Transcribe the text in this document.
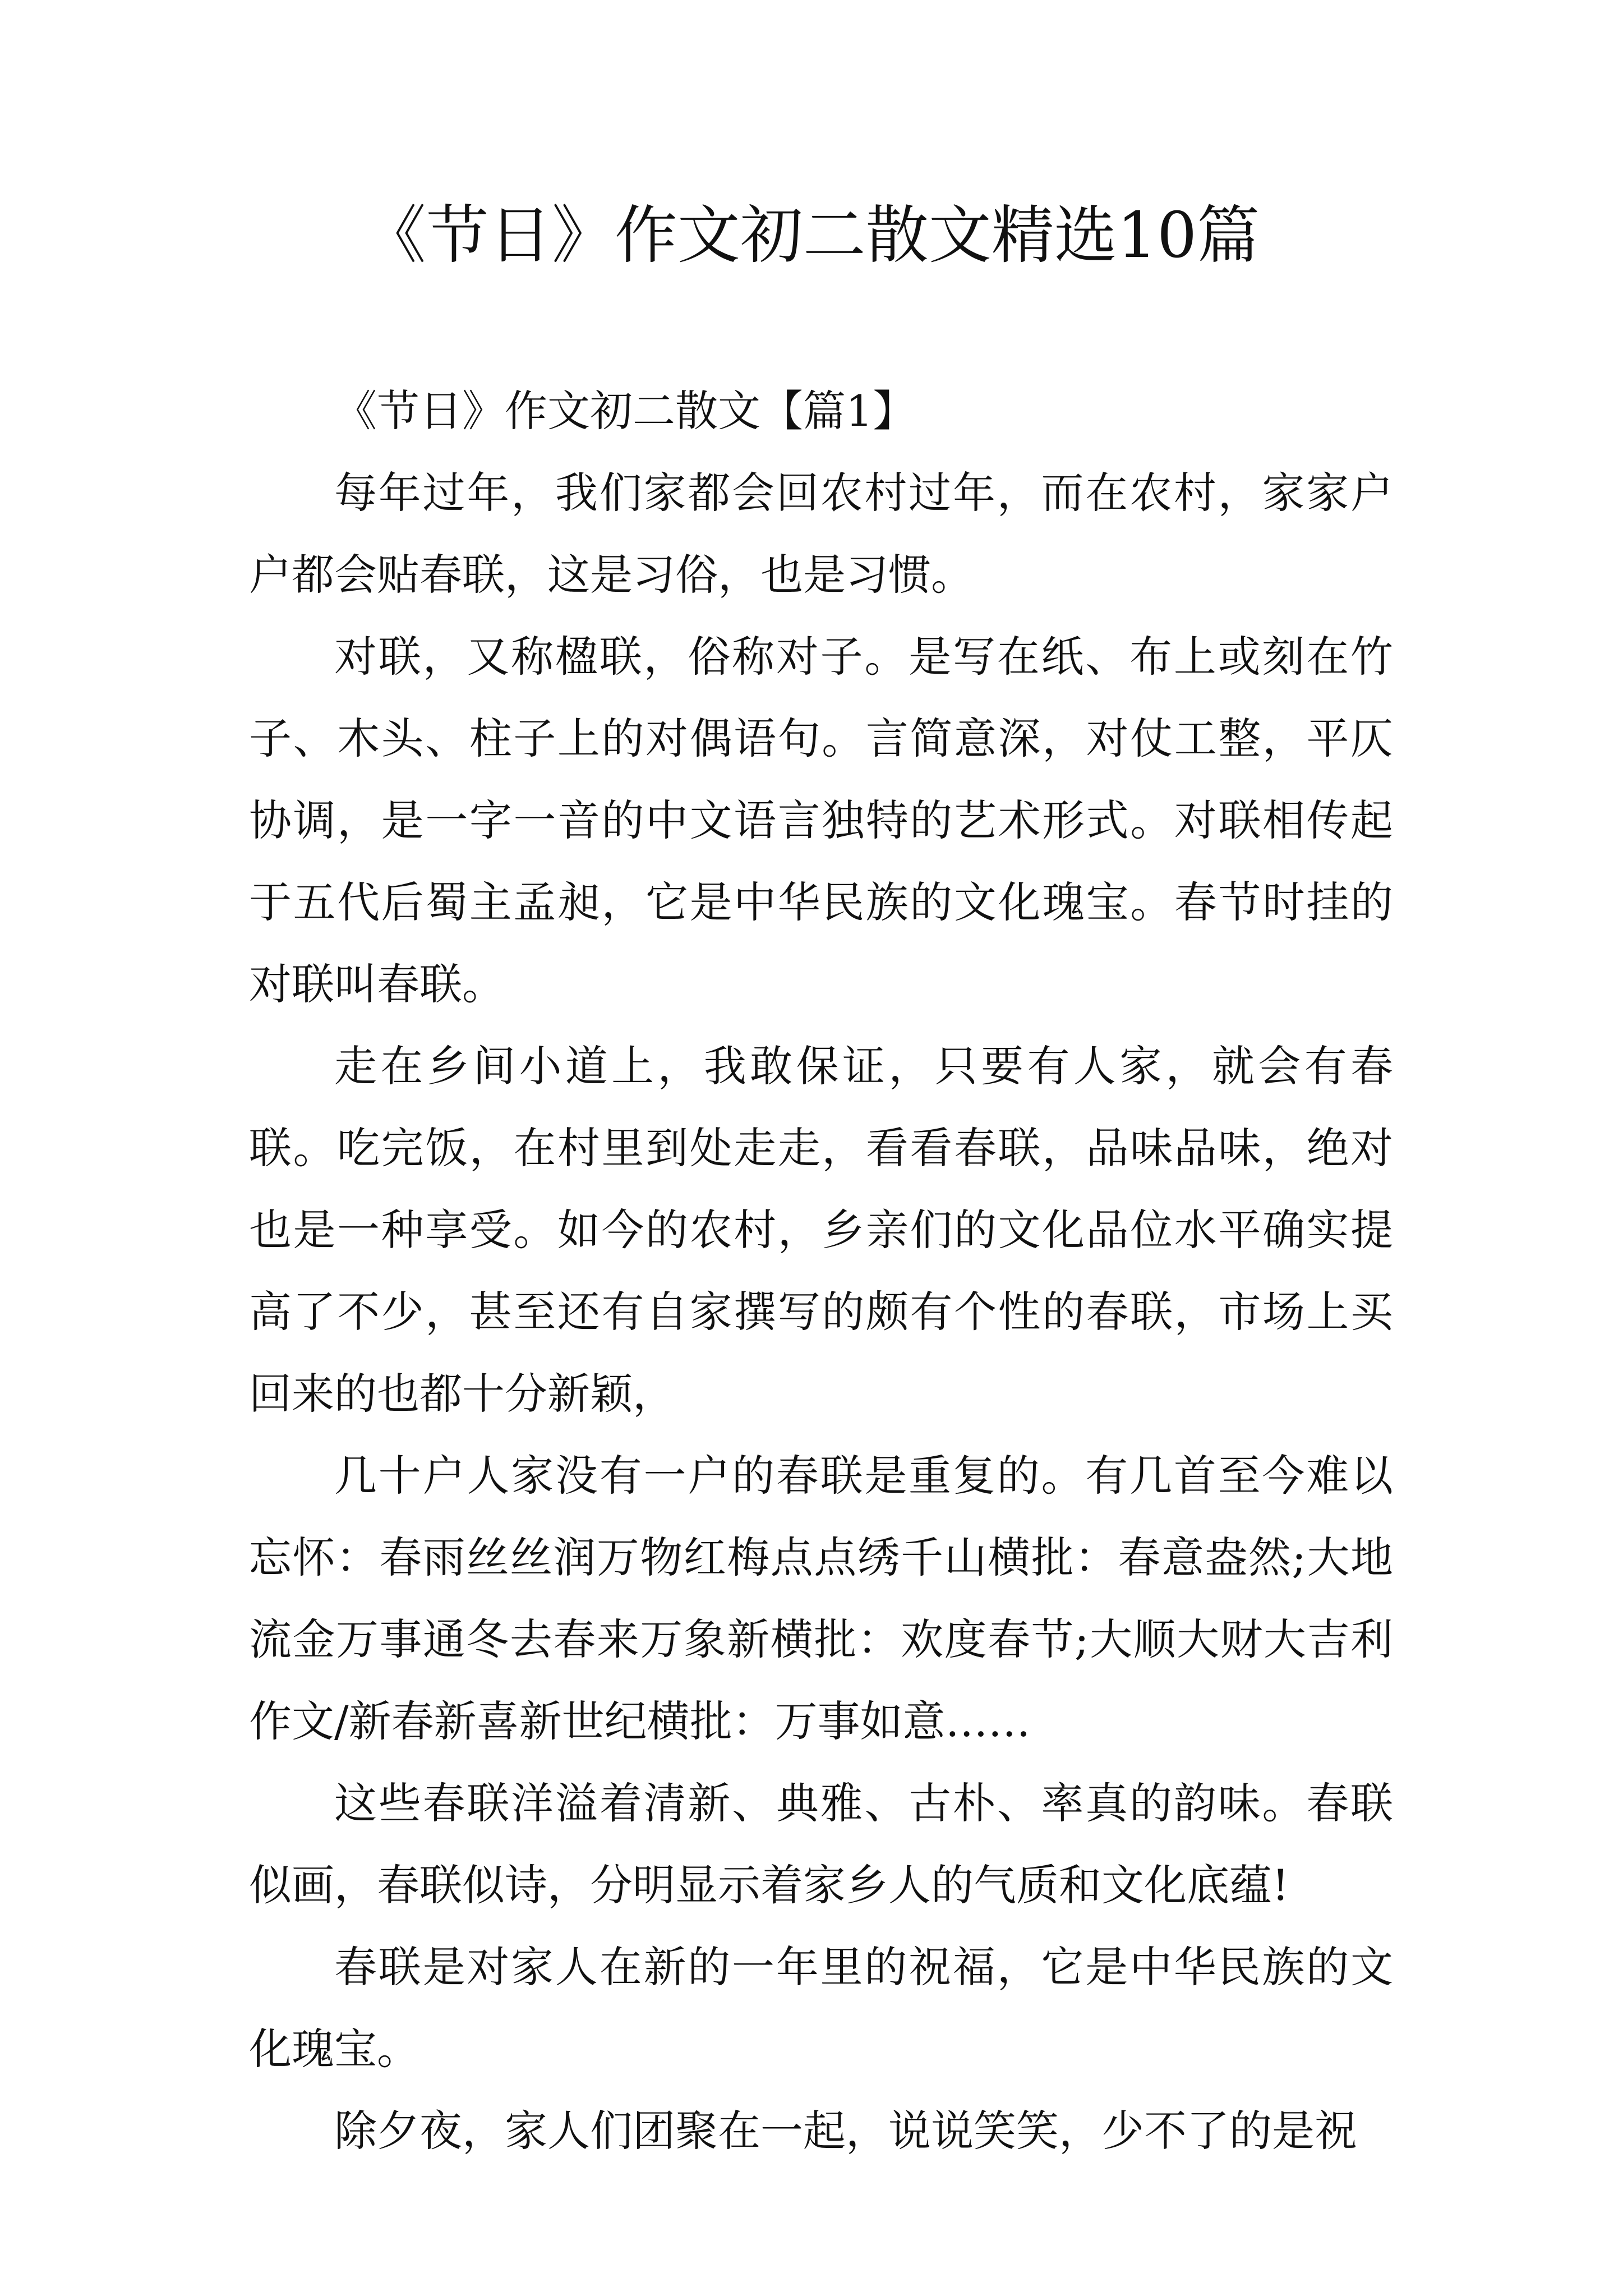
《节日》作文初二散文精选10篇

《节日》作文初二散文【篇1】

每年过年，我们家都会回农村过年，而在农村，家家户户都会贴春联，这是习俗，也是习惯。

对联，又称楹联，俗称对子。是写在纸、布上或刻在竹子、木头、柱子上的对偶语句。言简意深，对仗工整，平仄协调，是一字一音的中文语言独特的艺术形式。对联相传起于五代后蜀主孟昶，它是中华民族的文化瑰宝。春节时挂的对联叫春联。

走在乡间小道上，我敢保证，只要有人家，就会有春联。吃完饭，在村里到处走走，看看春联，品味品味，绝对也是一种享受。如今的农村，乡亲们的文化品位水平确实提高了不少，甚至还有自家撰写的颇有个性的春联，市场上买回来的也都十分新颖，

几十户人家没有一户的春联是重复的。有几首至今难以忘怀：春雨丝丝润万物红梅点点绣千山横批：春意盎然;大地流金万事通冬去春来万象新横批：欢度春节;大顺大财大吉利作文/新春新喜新世纪横批：万事如意……

这些春联洋溢着清新、典雅、古朴、率真的韵味。春联似画，春联似诗，分明显示着家乡人的气质和文化底蕴!

春联是对家人在新的一年里的祝福，它是中华民族的文化瑰宝。

除夕夜，家人们团聚在一起，说说笑笑，少不了的是祝
